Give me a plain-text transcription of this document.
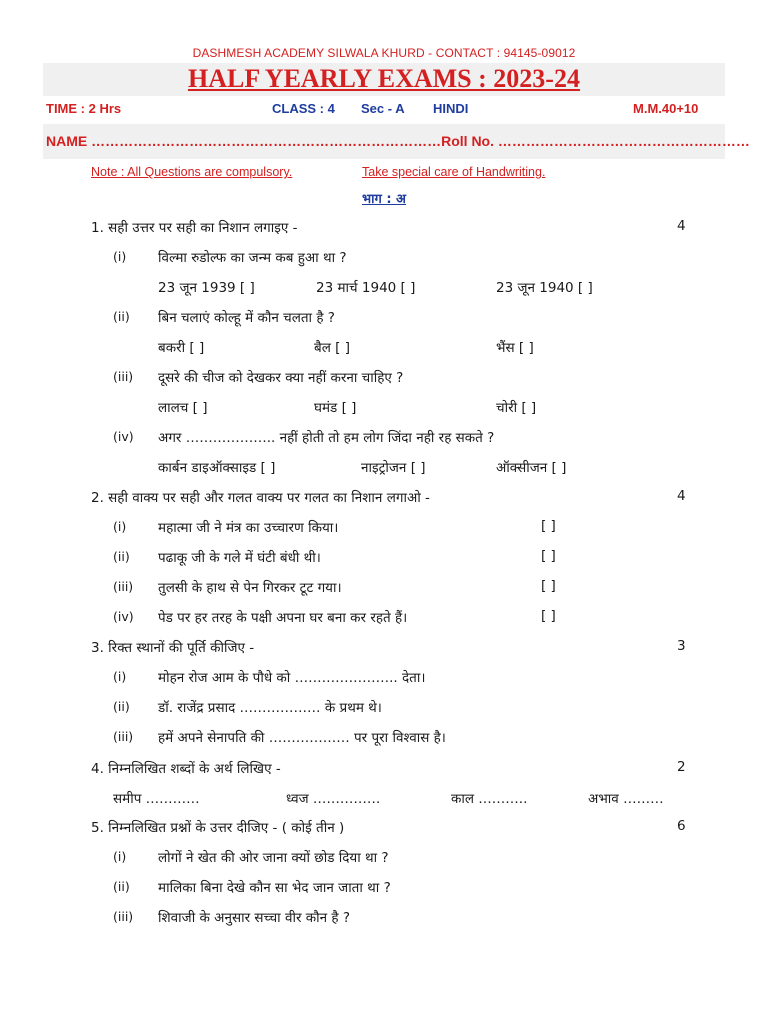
DASHMESH ACADEMY SILWALA KHURD - CONTACT : 94145-09012
HALF YEARLY EXAMS : 2023-24
TIME : 2 Hrs	CLASS : 4 Sec - A HINDI	M.M.40+10
NAME …………………………………………………………………Roll No. ………………………………………………
Note : All Questions are compulsory.	Take special care of Handwriting.
भाग : अ
1. सही उत्तर पर सही का निशान लगाइए -	4
(i) विल्मा रुडोल्फ का जन्म कब हुआ था ?
23 जून 1939 [ ]	23 मार्च 1940 [ ]	23 जून 1940 [ ]
(ii) बिन चलाएं कोल्हू में कौन चलता है ?
बकरी [ ]	बैल [ ]	भैंस [ ]
(iii) दूसरे की चीज को देखकर क्या नहीं करना चाहिए ?
लालच [ ]	घमंड [ ]	चोरी [ ]
(iv) अगर ……………….. नहीं होती तो हम लोग जिंदा नही रह सकते ?
कार्बन डाइऑक्साइड [ ]	नाइट्रोजन [ ]	ऑक्सीजन [ ]
2. सही वाक्य पर सही और गलत वाक्य पर गलत का निशान लगाओ -	4
(i) महात्मा जी ने मंत्र का उच्चारण किया।	[ ]
(ii) पढाकू जी के गले में घंटी बंधी थी।	[ ]
(iii) तुलसी के हाथ से पेन गिरकर टूट गया।	[ ]
(iv) पेड पर हर तरह के पक्षी अपना घर बना कर रहते हैं।	[ ]
3. रिक्त स्थानों की पूर्ति कीजिए -	3
(i) मोहन रोज आम के पौधे को ………………….. देता।
(ii) डॉ. राजेंद्र प्रसाद ……………… के प्रथम थे।
(iii) हमें अपने सेनापति की ……………… पर पूरा विश्वास है।
4. निम्नलिखित शब्दों के अर्थ लिखिए -	2
समीप …………	ध्वज ……………	काल ………..	अभाव ………
5. निम्नलिखित प्रश्नों के उत्तर दीजिए - ( कोई तीन )	6
(i) लोगों ने खेत की ओर जाना क्यों छोड दिया था ?
(ii) मालिका बिना देखे कौन सा भेद जान जाता था ?
(iii) शिवाजी के अनुसार सच्चा वीर कौन है ?
